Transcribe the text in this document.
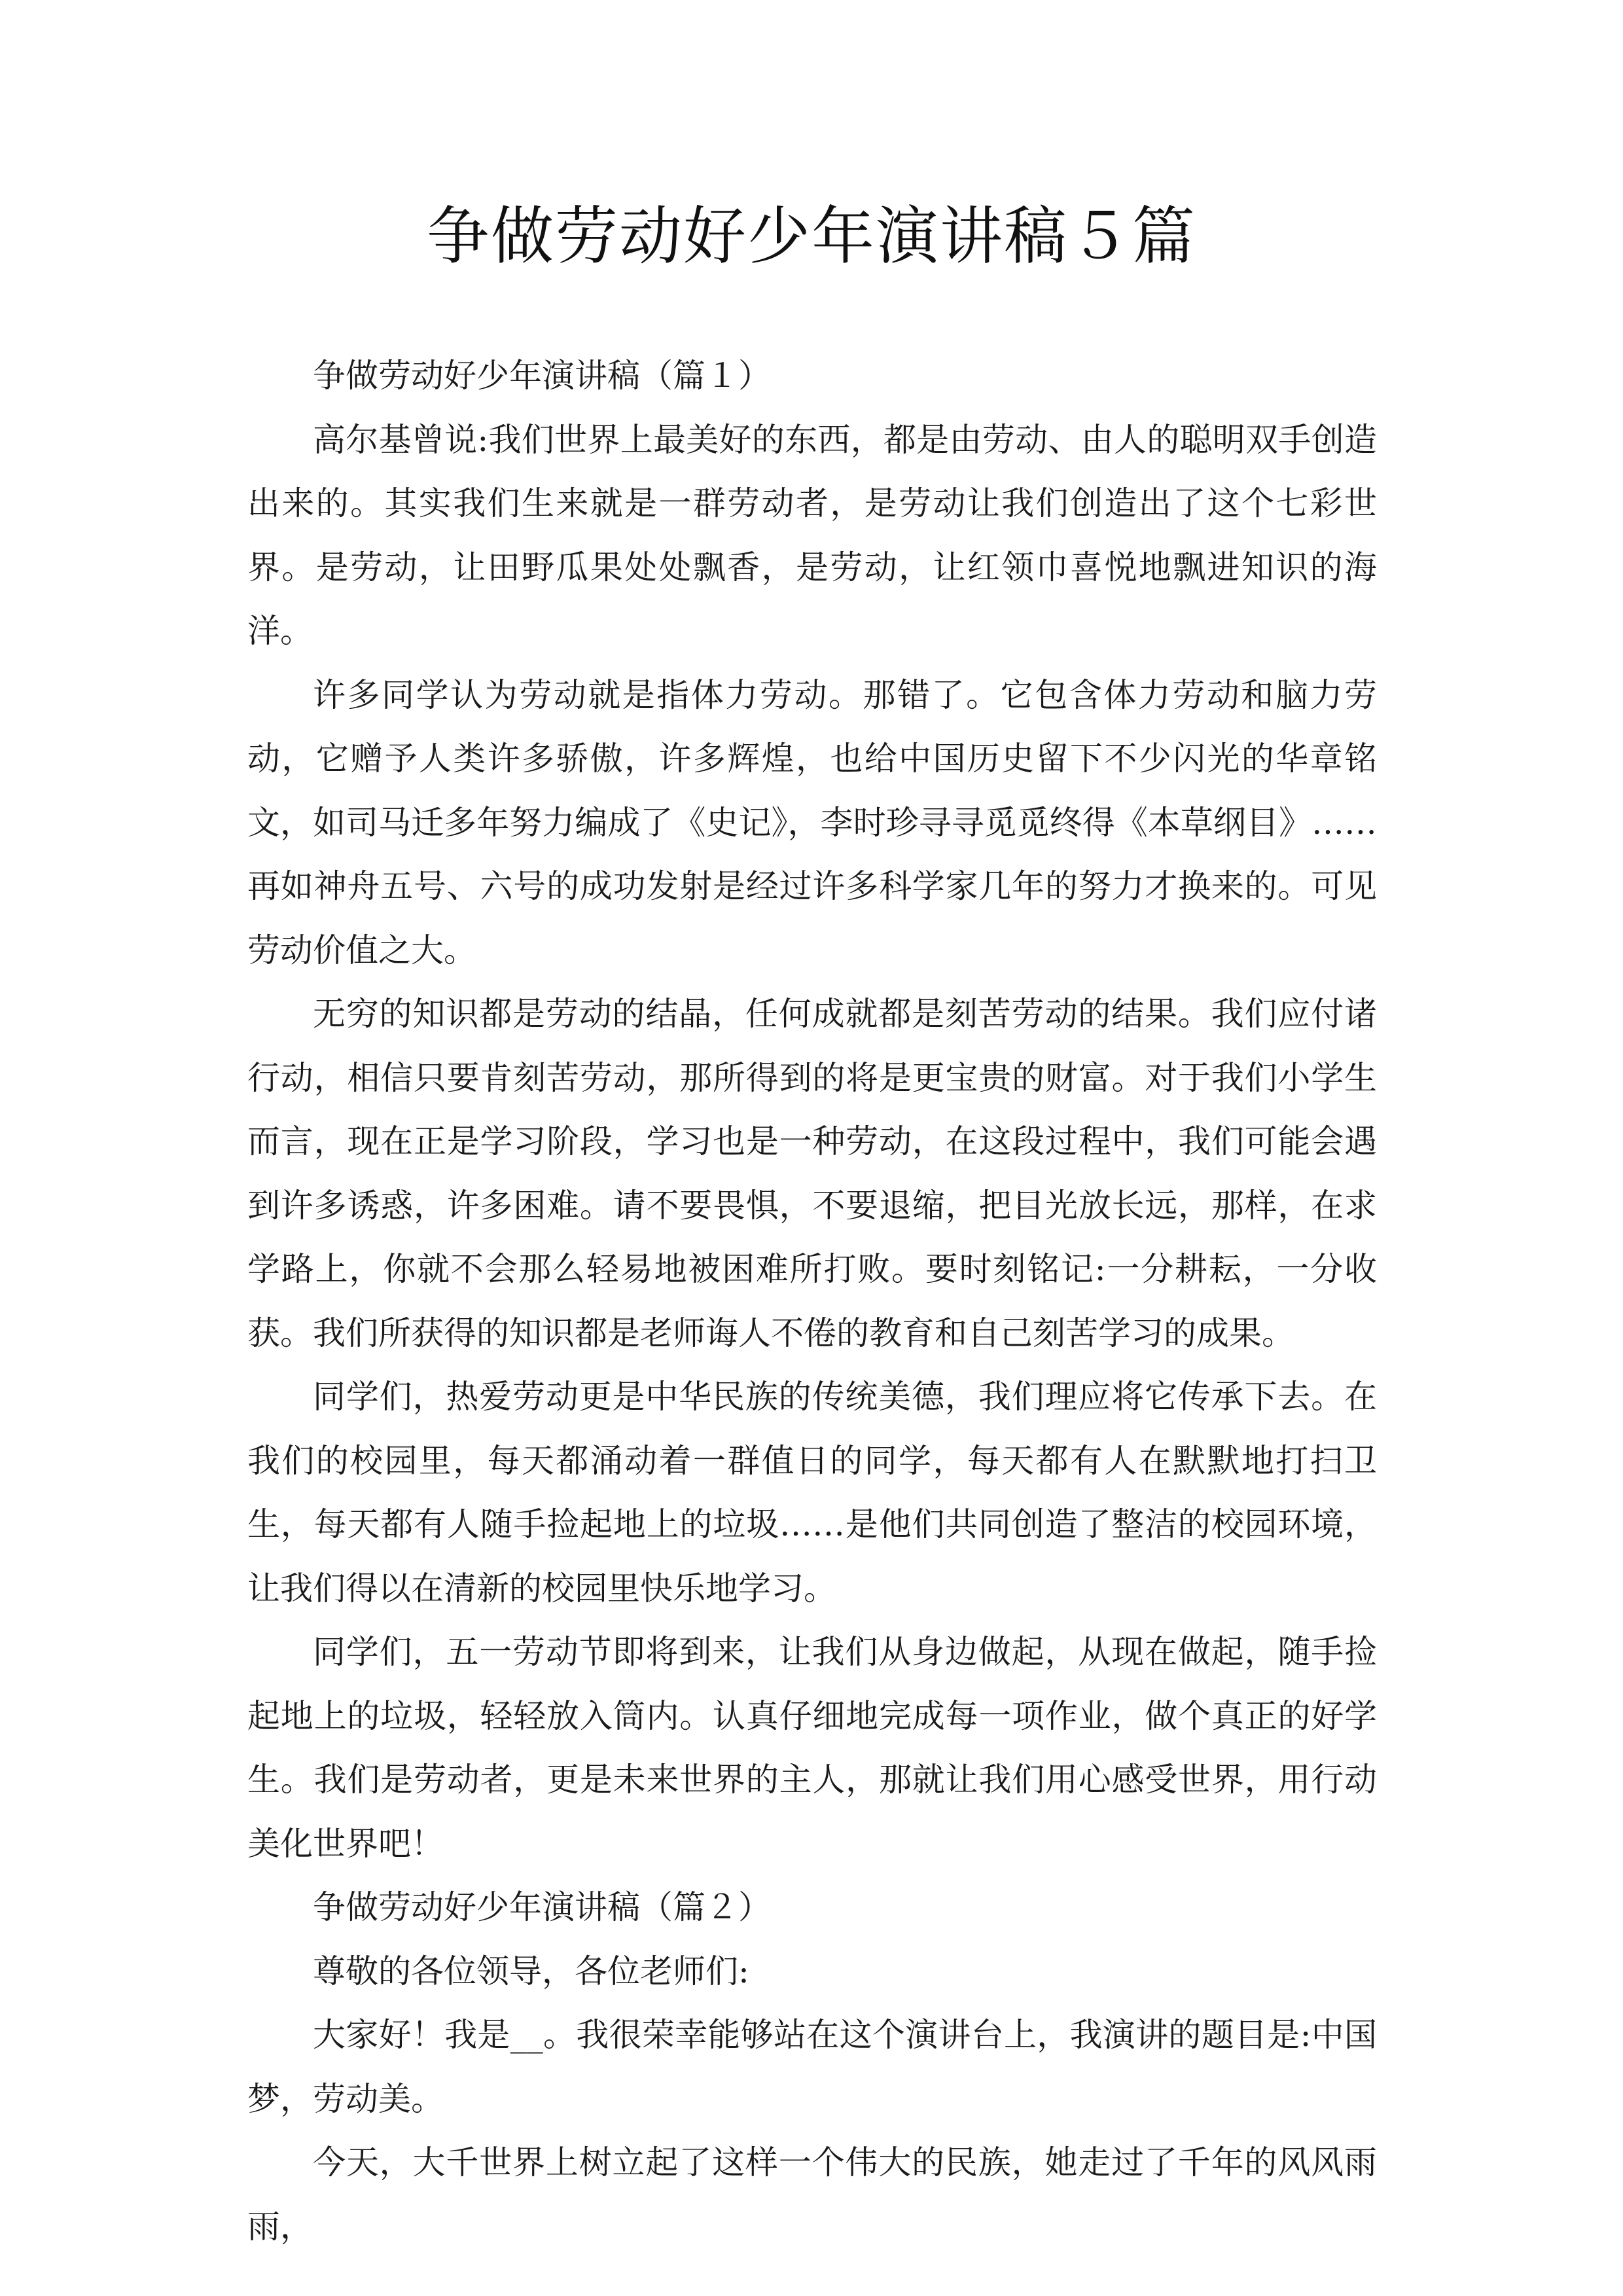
争做劳动好少年演讲稿５篇

争做劳动好少年演讲稿（篇１）

高尔基曾说:我们世界上最美好的东西，都是由劳动、由人的聪明双手创造出来的。其实我们生来就是一群劳动者，是劳动让我们创造出了这个七彩世界。是劳动，让田野瓜果处处飘香，是劳动，让红领巾喜悦地飘进知识的海洋。

许多同学认为劳动就是指体力劳动。那错了。它包含体力劳动和脑力劳动，它赠予人类许多骄傲，许多辉煌，也给中国历史留下不少闪光的华章铭文，如司马迁多年努力编成了《史记》，李时珍寻寻觅觅终得《本草纲目》……再如神舟五号、六号的成功发射是经过许多科学家几年的努力才换来的。可见劳动价值之大。

无穷的知识都是劳动的结晶，任何成就都是刻苦劳动的结果。我们应付诸行动，相信只要肯刻苦劳动，那所得到的将是更宝贵的财富。对于我们小学生而言，现在正是学习阶段，学习也是一种劳动，在这段过程中，我们可能会遇到许多诱惑，许多困难。请不要畏惧，不要退缩，把目光放长远，那样，在求学路上，你就不会那么轻易地被困难所打败。要时刻铭记:一分耕耘，一分收获。我们所获得的知识都是老师诲人不倦的教育和自己刻苦学习的成果。

同学们，热爱劳动更是中华民族的传统美德，我们理应将它传承下去。在我们的校园里，每天都涌动着一群值日的同学，每天都有人在默默地打扫卫生，每天都有人随手捡起地上的垃圾……是他们共同创造了整洁的校园环境，让我们得以在清新的校园里快乐地学习。

同学们，五一劳动节即将到来，让我们从身边做起，从现在做起，随手捡起地上的垃圾，轻轻放入筒内。认真仔细地完成每一项作业，做个真正的好学生。我们是劳动者，更是未来世界的主人，那就让我们用心感受世界，用行动美化世界吧！

争做劳动好少年演讲稿（篇２）

尊敬的各位领导，各位老师们:

大家好！我是__。我很荣幸能够站在这个演讲台上，我演讲的题目是:中国梦，劳动美。

今天，大千世界上树立起了这样一个伟大的民族，她走过了千年的风风雨雨，
